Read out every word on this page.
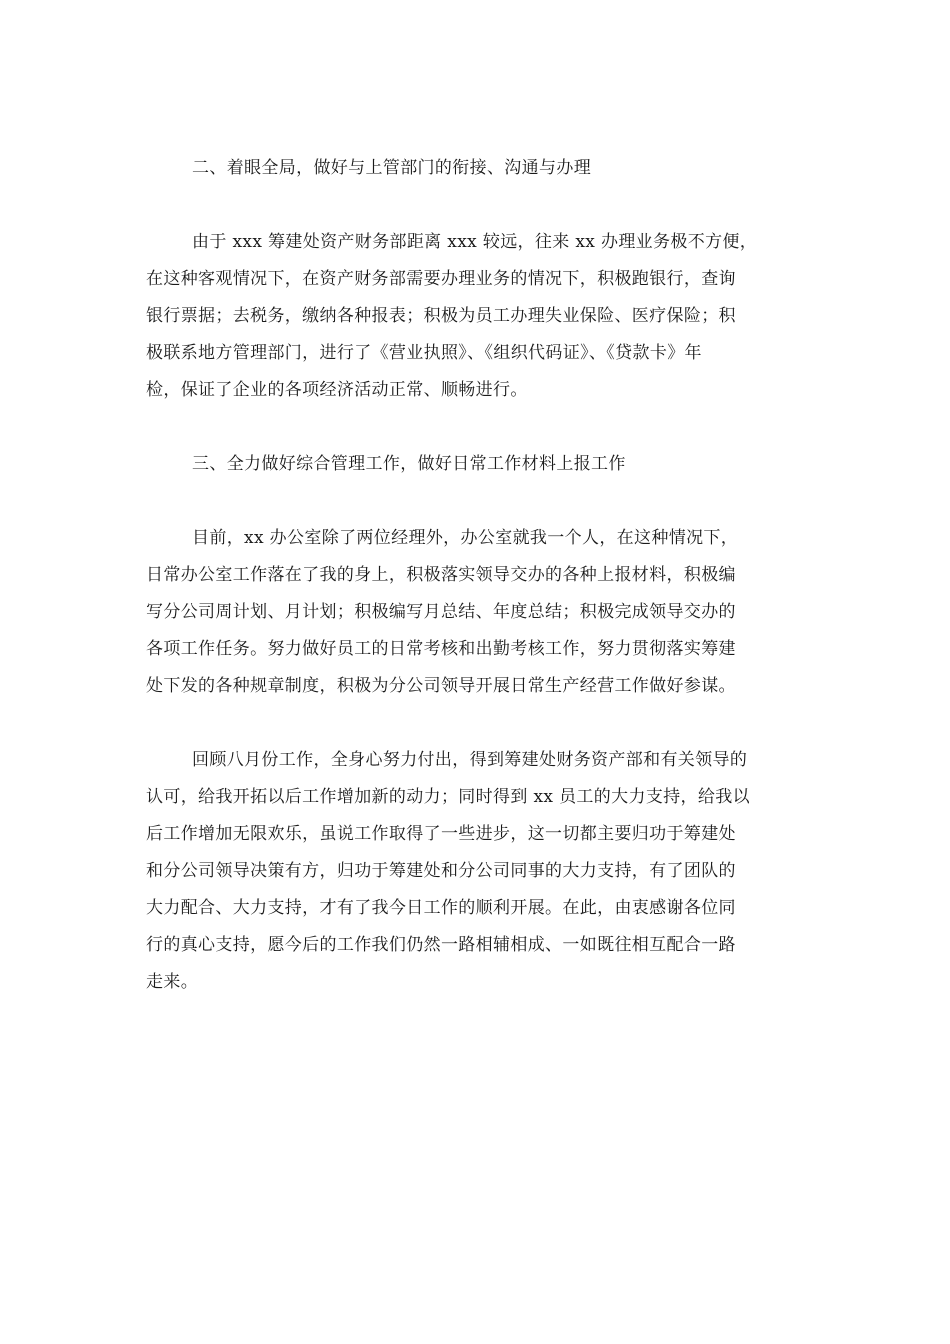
二、着眼全局，做好与上管部门的衔接、沟通与办理
由于 xxx 筹建处资产财务部距离 xxx 较远，往来 xx 办理业务极不方便，
在这种客观情况下，在资产财务部需要办理业务的情况下，积极跑银行，查询
银行票据；去税务，缴纳各种报表；积极为员工办理失业保险、医疗保险；积
极联系地方管理部门，进行了《营业执照》、《组织代码证》、《贷款卡》年
检，保证了企业的各项经济活动正常、顺畅进行。
三、全力做好综合管理工作，做好日常工作材料上报工作
目前，xx 办公室除了两位经理外，办公室就我一个人，在这种情况下，
日常办公室工作落在了我的身上，积极落实领导交办的各种上报材料，积极编
写分公司周计划、月计划；积极编写月总结、年度总结；积极完成领导交办的
各项工作任务。努力做好员工的日常考核和出勤考核工作，努力贯彻落实筹建
处下发的各种规章制度，积极为分公司领导开展日常生产经营工作做好参谋。
回顾八月份工作，全身心努力付出，得到筹建处财务资产部和有关领导的
认可，给我开拓以后工作增加新的动力；同时得到 xx 员工的大力支持，给我以
后工作增加无限欢乐，虽说工作取得了一些进步，这一切都主要归功于筹建处
和分公司领导决策有方，归功于筹建处和分公司同事的大力支持，有了团队的
大力配合、大力支持，才有了我今日工作的顺利开展。在此，由衷感谢各位同
行的真心支持，愿今后的工作我们仍然一路相辅相成、一如既往相互配合一路
走来。
